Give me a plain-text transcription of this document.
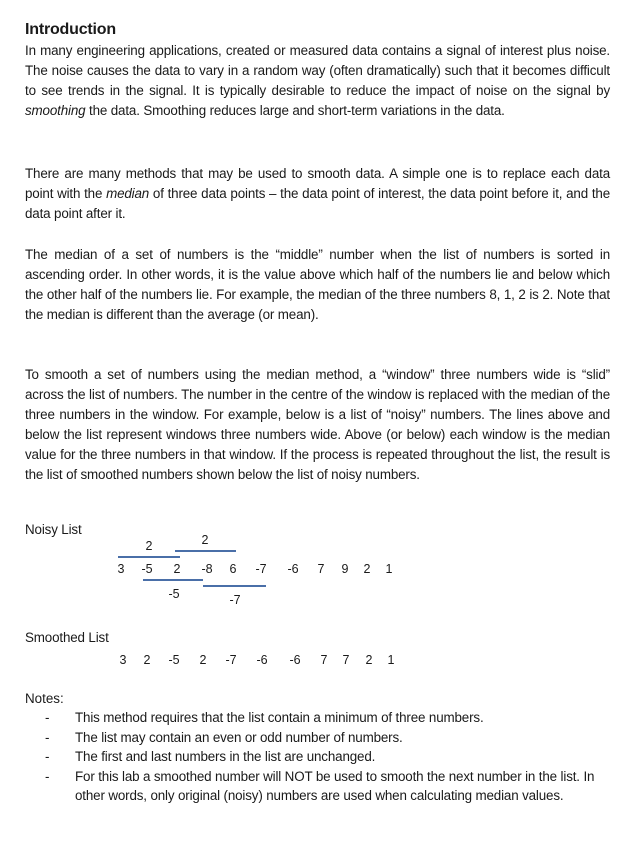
Introduction

In many engineering applications, created or measured data contains a signal of interest plus noise. The noise causes the data to vary in a random way (often dramatically) such that it becomes difficult to see trends in the signal. It is typically desirable to reduce the impact of noise on the signal by smoothing the data. Smoothing reduces large and short-term variations in the data.

There are many methods that may be used to smooth data. A simple one is to replace each data point with the median of three data points – the data point of interest, the data point before it, and the data point after it.

The median of a set of numbers is the “middle” number when the list of numbers is sorted in ascending order. In other words, it is the value above which half of the numbers lie and below which the other half of the numbers lie. For example, the median of the three numbers 8, 1, 2 is 2. Note that the median is different than the average (or mean).

To smooth a set of numbers using the median method, a “window” three numbers wide is “slid” across the list of numbers. The number in the centre of the window is replaced with the median of the three numbers in the window. For example, below is a list of “noisy” numbers. The lines above and below the list represent windows three numbers wide. Above (or below) each window is the median value for the three numbers in that window. If the process is repeated throughout the list, the result is the list of smoothed numbers shown below the list of noisy numbers.

Noisy List
2	2
3 -5 2 -8 6 -7 -6 7 9 2 1
-5	-7
Smoothed List
3 2 -5 2 -7 -6 -6 7 7 2 1
Notes:
- This method requires that the list contain a minimum of three numbers.
- The list may contain an even or odd number of numbers.
- The first and last numbers in the list are unchanged.
- For this lab a smoothed number will NOT be used to smooth the next number in the list. In other words, only original (noisy) numbers are used when calculating median values.
